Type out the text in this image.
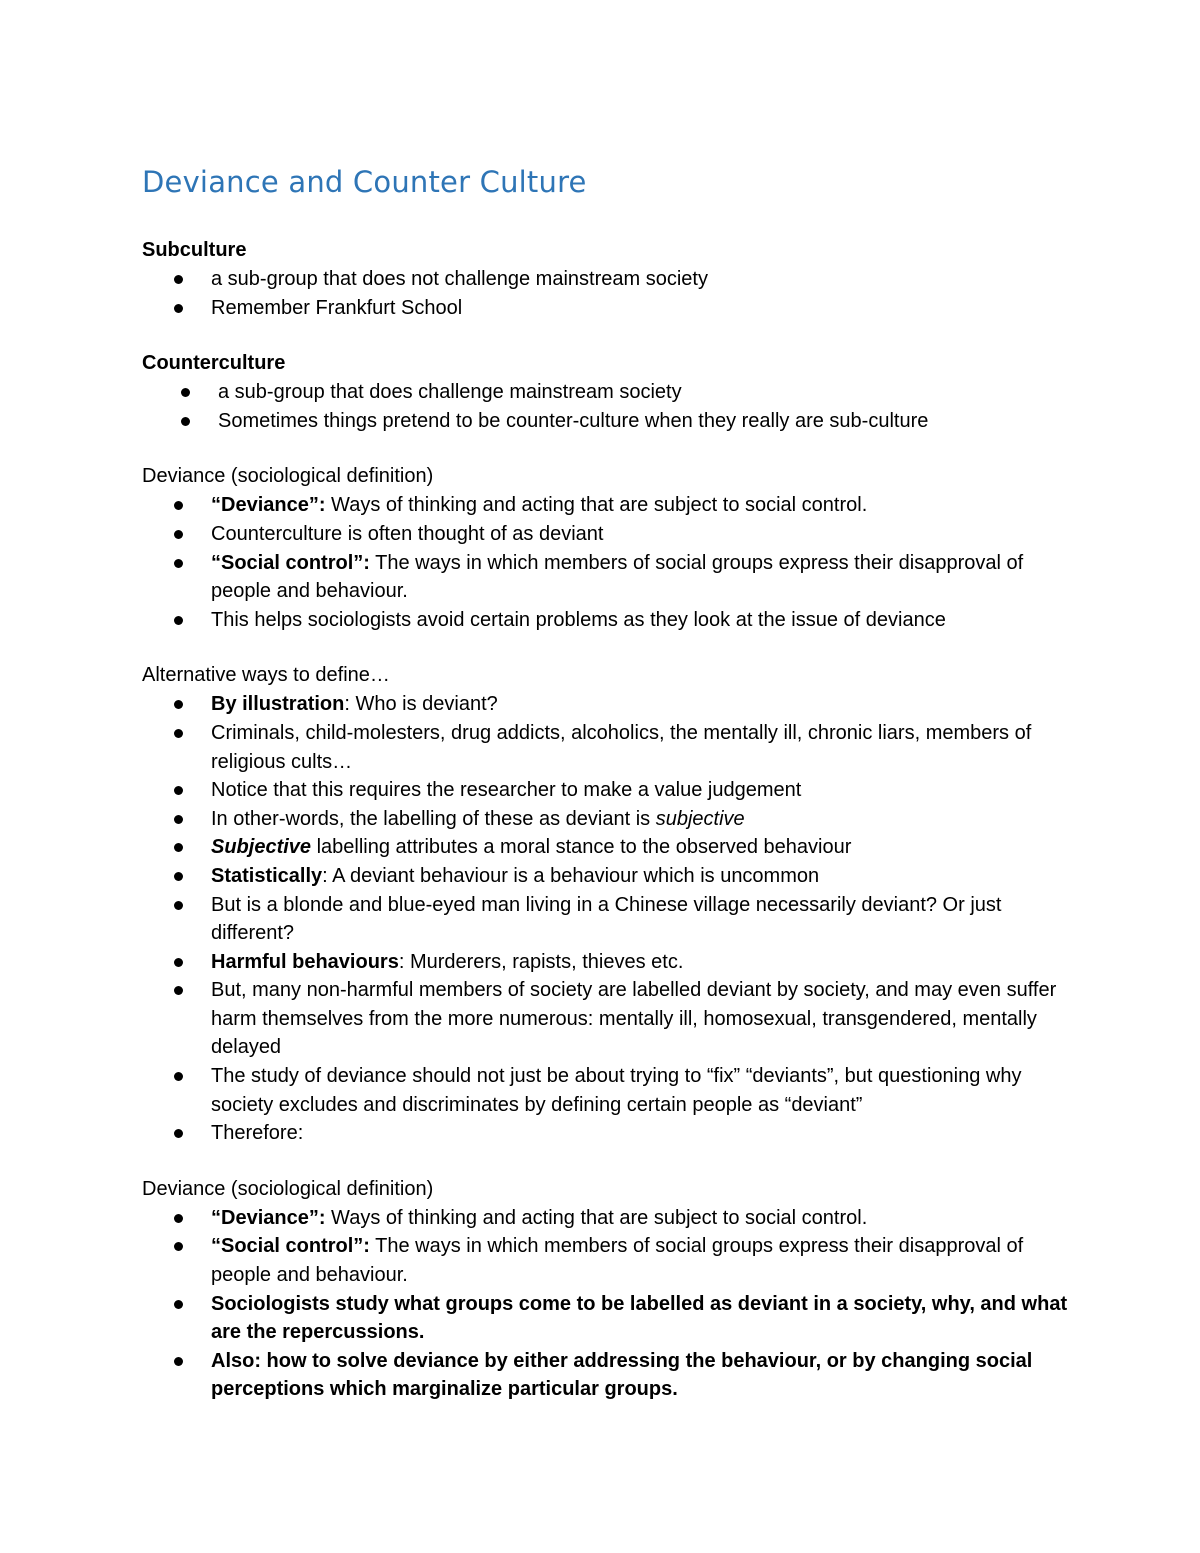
Deviance and Counter Culture

Subculture

a sub-group that does not challenge mainstream society
Remember Frankfurt School

Counterculture

a sub-group that does challenge mainstream society
Sometimes things pretend to be counter-culture when they really are sub-culture

Deviance (sociological definition)

“Deviance”: Ways of thinking and acting that are subject to social control.
Counterculture is often thought of as deviant
“Social control”: The ways in which members of social groups express their disapproval of people and behaviour.
This helps sociologists avoid certain problems as they look at the issue of deviance

Alternative ways to define…

By illustration: Who is deviant?
Criminals, child-molesters, drug addicts, alcoholics, the mentally ill, chronic liars, members of religious cults…
Notice that this requires the researcher to make a value judgement
In other-words, the labelling of these as deviant is subjective
Subjective labelling attributes a moral stance to the observed behaviour
Statistically: A deviant behaviour is a behaviour which is uncommon
But is a blonde and blue-eyed man living in a Chinese village necessarily deviant? Or just different?
Harmful behaviours: Murderers, rapists, thieves etc.
But, many non-harmful members of society are labelled deviant by society, and may even suffer harm themselves from the more numerous: mentally ill, homosexual, transgendered, mentally delayed
The study of deviance should not just be about trying to “fix” “deviants”, but questioning why society excludes and discriminates by defining certain people as “deviant”
Therefore:

Deviance (sociological definition)

“Deviance”: Ways of thinking and acting that are subject to social control.
“Social control”: The ways in which members of social groups express their disapproval of people and behaviour.
Sociologists study what groups come to be labelled as deviant in a society, why, and what are the repercussions.
Also: how to solve deviance by either addressing the behaviour, or by changing social perceptions which marginalize particular groups.
